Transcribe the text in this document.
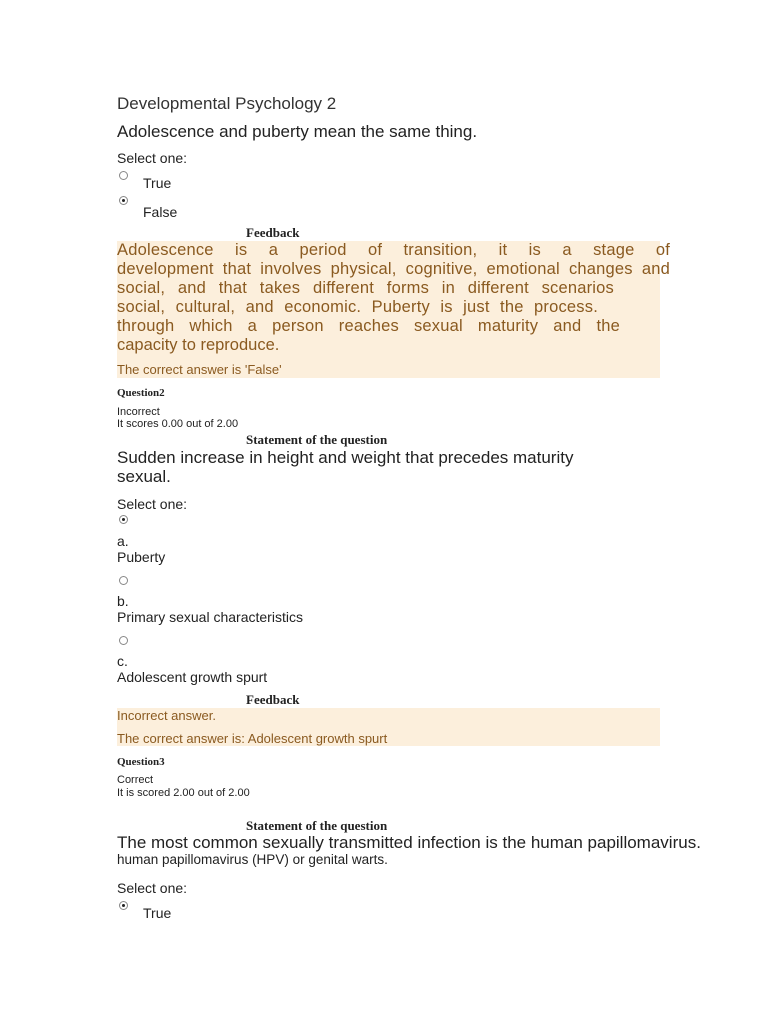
Developmental Psychology 2
Adolescence and puberty mean the same thing.
Select one:
True
False
Feedback
Adolescence is a period of transition, it is a stage of
development that involves physical, cognitive, emotional changes and
social, and that takes different forms in different scenarios
social, cultural, and economic. Puberty is just the process.
through which a person reaches sexual maturity and the
capacity to reproduce.
The correct answer is 'False'
Question2
Incorrect
It scores 0.00 out of 2.00
Statement of the question
Sudden increase in height and weight that precedes maturity
sexual.
Select one:
a.
Puberty
b.
Primary sexual characteristics
c.
Adolescent growth spurt
Feedback
Incorrect answer.
The correct answer is: Adolescent growth spurt
Question3
Correct
It is scored 2.00 out of 2.00
Statement of the question
The most common sexually transmitted infection is the human papillomavirus.
human papillomavirus (HPV) or genital warts.
Select one:
True
